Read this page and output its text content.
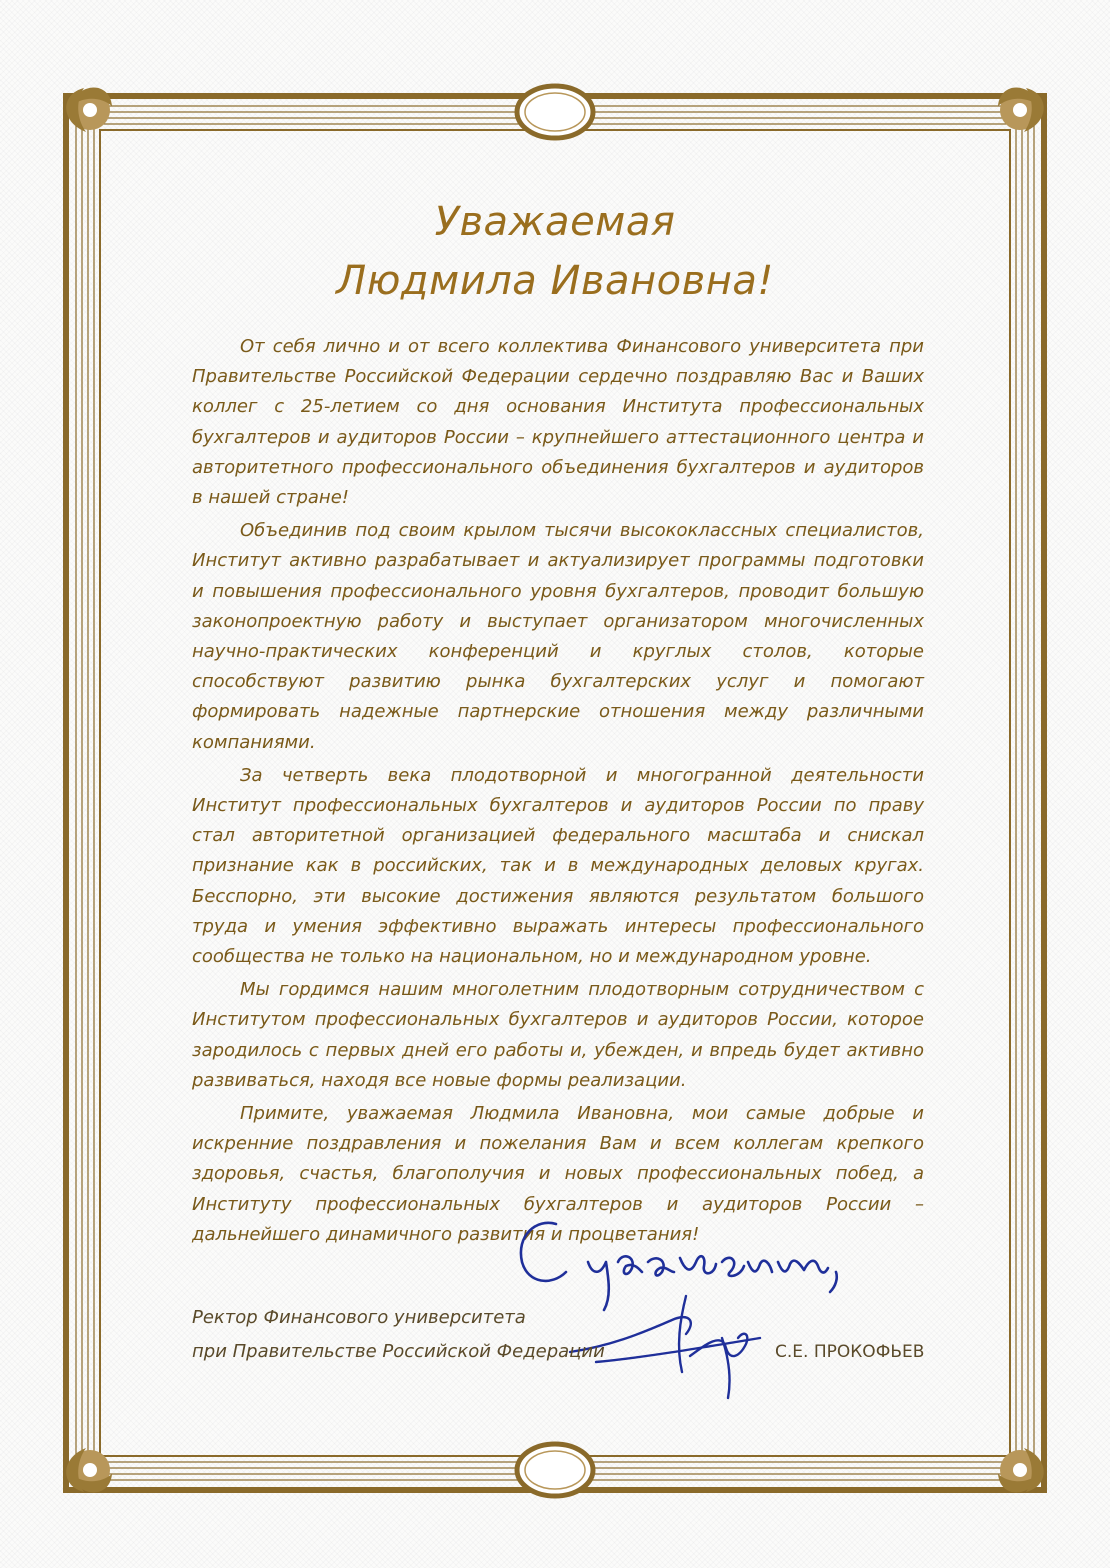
Уважаемая
Людмила Ивановна!

От себя лично и от всего коллектива Финансового университета при Правительстве Российской Федерации сердечно поздравляю Вас и Ваших коллег с 25-летием со дня основания Института профессиональных бухгалтеров и аудиторов России – крупнейшего аттестационного центра и авторитетного профессионального объединения бухгалтеров и аудиторов в нашей стране!

Объединив под своим крылом тысячи высококлассных специалистов, Институт активно разрабатывает и актуализирует программы подготовки и повышения профессионального уровня бухгалтеров, проводит большую законопроектную работу и выступает организатором многочисленных научно-практических конференций и круглых столов, которые способствуют развитию рынка бухгалтерских услуг и помогают формировать надежные партнерские отношения между различными компаниями.

За четверть века плодотворной и многогранной деятельности Институт профессиональных бухгалтеров и аудиторов России по праву стал авторитетной организацией федерального масштаба и снискал признание как в российских, так и в международных деловых кругах. Бесспорно, эти высокие достижения являются результатом большого труда и умения эффективно выражать интересы профессионального сообщества не только на национальном, но и международном уровне.

Мы гордимся нашим многолетним плодотворным сотрудничеством с Институтом профессиональных бухгалтеров и аудиторов России, которое зародилось с первых дней его работы и, убежден, и впредь будет активно развиваться, находя все новые формы реализации.

Примите, уважаемая Людмила Ивановна, мои самые добрые и искренние поздравления и пожелания Вам и всем коллегам крепкого здоровья, счастья, благополучия и новых профессиональных побед, а Институту профессиональных бухгалтеров и аудиторов России – дальнейшего динамичного развития и процветания!

Ректор Финансового университета
при Правительстве Российской Федерации	С.Е. ПРОКОФЬЕВ
